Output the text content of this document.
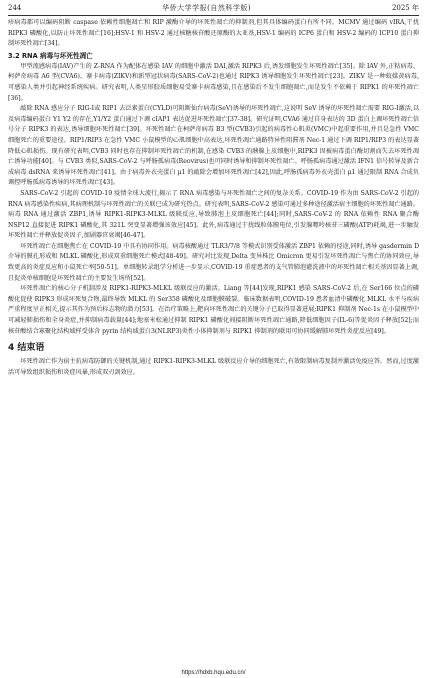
244	华侨大学学报(自然科学版)	2025 年

疹病毒都可以编码阻断 caspase 依赖性细胞凋亡和 RIP 激酶介导的坏死性凋亡的抑制剂,但其具体编码蛋白有所不同。MCMV 通过编码 vIRA,干扰 RIPK3 磷酸化,以防止坏死性凋亡[16];HSV-1 和 HSV-2 通过核糖核苷酸还原酶的大亚基,HSV-1 编码的 ICP6 蛋白和 HSV-2 编码的 ICP10 蛋白抑制坏死性凋亡[34]。

3.2 RNA 病毒与坏死性凋亡

甲型流感病毒(IAV)产生的 Z-RNA 作为配体在感染 IAV 的细胞中激活 DAI,激活 RIPK3 后,诱发细胞发生坏死性凋亡[35]。除 IAV 外,正粘病毒、柯萨奇病毒 A6 型(CVA6)、寨卡病毒(ZIKV)和新型冠状病毒(SARS-CoV-2)也通过 RIPK3 诱导细胞发生坏死性凋亡[23]。ZIKV 是一种蚊媒黄病毒,可感染人类并引起神经系统疾病。研究表明,人类星形胶质细胞易受寨卡病毒感染,且在感染后不发生细胞凋亡,而是发生不依赖于 RIPK1 的坏死性凋亡[36]。

敲除 RNA 感应分子 RIG-Ⅰ或 RIP1 去泛素蛋白(CYLD)可阻断仙台病毒(SeV)诱导的坏死性凋亡,这说明 SeV 诱导的坏死性凋亡需要 RIG-Ⅰ激活,以及病毒编码蛋白 Y1 Y2 的存在,Y1/Y2 蛋白通过下调 cIAP1 表达促进坏死性凋亡[37-38]。研究证明,CVA6 通过自身表达的 3D 蛋白上调坏死性凋亡信号分子 RIPK3 的表达,诱导细胞坏死性凋亡[39]。坏死性凋亡在柯萨奇病毒 B3 型(CVB3)引起的病毒性心肌炎(VMC)中起重要作用,并且是急性 VMC 细胞死亡的重要途径。RIP1/RIP3 在急性 VMC 小鼠模型的心肌细胞中高表达,坏死性凋亡通路特异性阻滞剂 Nec-1 通过下调 RIP1/RIP3 的表达显著降低心肌损伤。现有研究表明,CVB3 同时也存在抑制坏死性凋亡的机制,在感染 CVB3 的胰腺上皮细胞中,RIPK3 因被病毒蛋白酶切割而失去坏死性凋亡诱导功能[40]。与 CVB3 类似,SARS-CoV-2 与呼肠孤病毒(Reovirus)也可同时诱导和抑制坏死性凋亡。呼肠孤病毒通过激活 IFN1 信号转导及新合成病毒 dsRNA 来诱导坏死性凋亡[41]。由于病毒外衣壳蛋白 μ1 的敲除会增加坏死性凋亡[42],因此,呼肠孤病毒外衣壳蛋白 μ1 通过限制 RNA 合成负调控呼肠孤病毒诱导的坏死性凋亡[43]。

SARS-CoV-2 引起的 COVID-19 疫情全球大流行,揭示了 RNA 病毒感染与坏死性凋亡之间的复杂关系。COVID-19 作为由 SARS-CoV-2 引起的 RNA 病毒感染性疾病,其病理机制与坏死性凋亡的关联已成为研究热点。研究表明,SARS-CoV-2 感染可通过多种途径激活宿主细胞的坏死性凋亡通路。病毒 RNA 通过激活 ZBP1,诱导 RIPK1-RIPK3-MLKL 级联反应,导致肺泡上皮细胞死亡[44];同时,SARS-CoV-2 的 RNA 依赖性 RNA 聚合酶 NSP12 直接促进 RIPK1 磷酸化,其 321L 突变显著增强该效应[45]。此外,病毒通过干扰线粒体膜电位,引发腺嘌呤核苷三磷酸(ATP)耗竭,进一步触发坏死性凋亡并释放促炎因子,加剧器官衰竭[46-47]。

坏死性凋亡在细胞焦亡在 COVID-19 中具有协同作用。病毒核酸通过 TLR3/7/8 等模式识别受体激活 ZBP1 依赖的径途,同时,诱导 gasdermin D 介导的膜孔形成和 MLKL 磷酸化,形成双重细胞死亡模式[48-49]。研究对比发现,Delta 变异株比 Omicron 更易引发坏死性凋亡与焦亡的协同效应,导致更高的炎症反应和小鼠死亡率[50-51]。单细胞转录组学分析进一步显示,COVID-19 重症患者的支气管肺泡灌洗液中的坏死性凋亡相关基因显著上调,且促炎单核细胞是坏死性凋亡的主要发生场所[52]。

坏死性凋亡的核心分子机制涉及 RIPK1-RIPK3-MLKL 级联反应的激活。Liang 等[44]发现,RIPK1 感染 SARS-CoV-2 后,在 Ser166 位点的磷酸化促使 RIPK3 形成坏死复合物,最终导致 MLKL 的 Ser358 磷酸化及细胞膜破裂。临床数据表明,COVID-19 患者血清中磷酸化 MLKL 水平与疾病严重程度呈正相关,提示其作为预后标志物的潜力[53]。在治疗策略上,靶向坏死性凋亡的关键分子已取得显著进展;RIPK1 抑制剂 Nec-1s 在小鼠模型中可减轻肺损伤和全身炎症,并抑制病毒载量[44];地塞米松通过抑制 RIPK1 磷酸化间接阻断坏死性凋亡通路,降低细胞因子(IL-6)等促炎因子释放[52];而核苷酸结合寡聚化结构域样受体含 pyrin 结构域蛋白3(NLRP3)炎性小体抑制剂与 RIPK1 抑制剂的联用可协同缓解肺坏死性炎症反应[49]。

4 结束语

坏死性凋亡作为宿主抗病毒防御的关键机制,通过 RIPK1-RIPK3-MLKL 级联反应介导的细胞死亡,有效限制病毒复制并激活免疫应答。然而,过度激活可导致组织损伤和炎症风暴,形成双刃剑效应。

https://hdxb.hqu.edu.cn/
